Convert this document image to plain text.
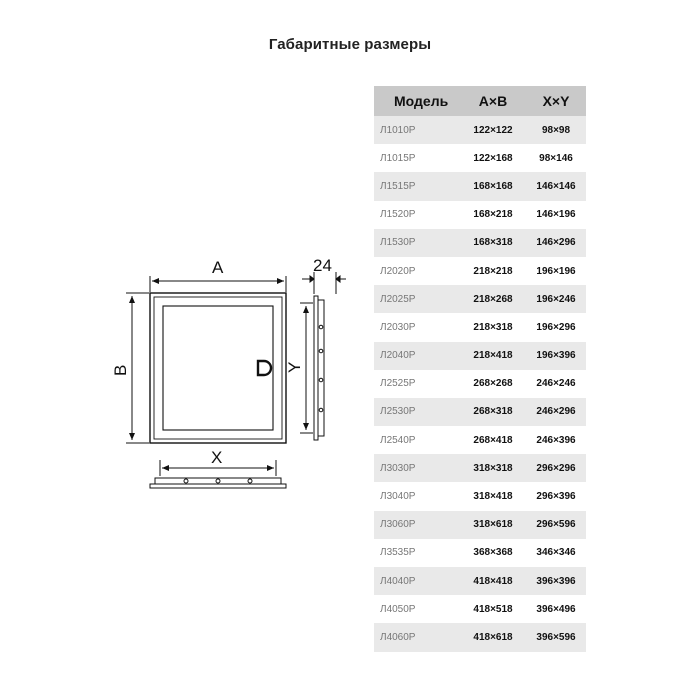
Габаритные размеры
A
B
X
Y
24
Модель	A×B	X×Y
Л1010Р	122×122	98×98
Л1015Р	122×168	98×146
Л1515Р	168×168	146×146
Л1520Р	168×218	146×196
Л1530Р	168×318	146×296
Л2020Р	218×218	196×196
Л2025Р	218×268	196×246
Л2030Р	218×318	196×296
Л2040Р	218×418	196×396
Л2525Р	268×268	246×246
Л2530Р	268×318	246×296
Л2540Р	268×418	246×396
Л3030Р	318×318	296×296
Л3040Р	318×418	296×396
Л3060Р	318×618	296×596
Л3535Р	368×368	346×346
Л4040Р	418×418	396×396
Л4050Р	418×518	396×496
Л4060Р	418×618	396×596
